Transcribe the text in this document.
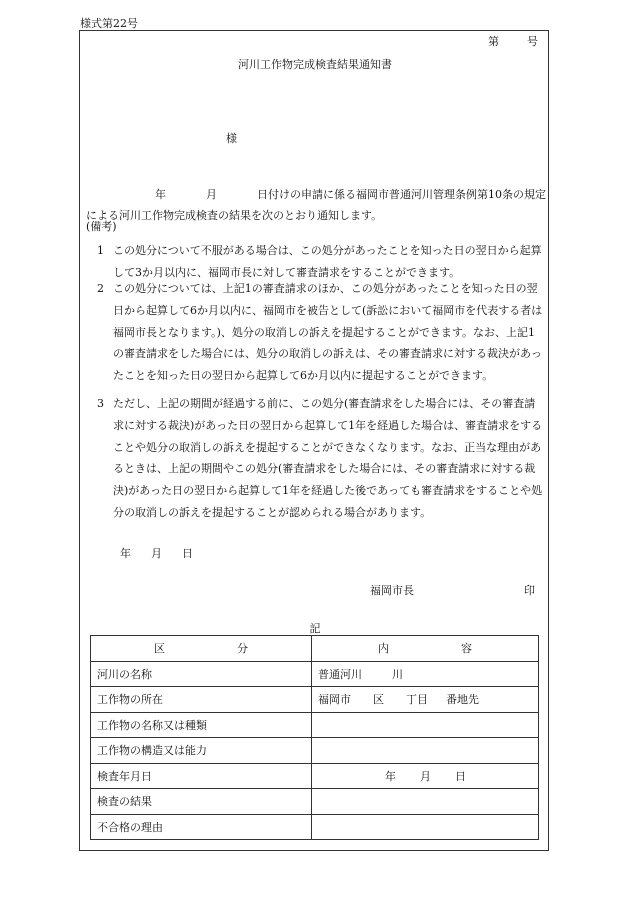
様式第22号
第	号
河川工作物完成検査結果通知書
様
年	月	日付けの申請に係る福岡市普通河川管理条例第10条の規定による河川工作物完成検査の結果を次のとおり通知します。
(備考)
1 この処分について不服がある場合は、この処分があったことを知った日の翌日から起算して3か月以内に、福岡市長に対して審査請求をすることができます。
2 この処分については、上記1の審査請求のほか、この処分があったことを知った日の翌日から起算して6か月以内に、福岡市を被告として(訴訟において福岡市を代表する者は福岡市長となります。)、処分の取消しの訴えを提起することができます。なお、上記1の審査請求をした場合には、処分の取消しの訴えは、その審査請求に対する裁決があったことを知った日の翌日から起算して6か月以内に提起することができます。
3 ただし、上記の期間が経過する前に、この処分(審査請求をした場合には、その審査請求に対する裁決)があった日の翌日から起算して1年を経過した場合は、審査請求をすることや処分の取消しの訴えを提起することができなくなります。なお、正当な理由があるときは、上記の期間やこの処分(審査請求をした場合には、その審査請求に対する裁決)があった日の翌日から起算して1年を経過した後であっても審査請求をすることや処分の取消しの訴えを提起することが認められる場合があります。
年 月 日
福岡市長	印
記
区 分	内 容
河川の名称	普通河川 川
工作物の所在	福岡市 区 丁目 番地先
工作物の名称又は種類	
工作物の構造又は能力	
検査年月日	年 月 日
検査の結果	
不合格の理由	
